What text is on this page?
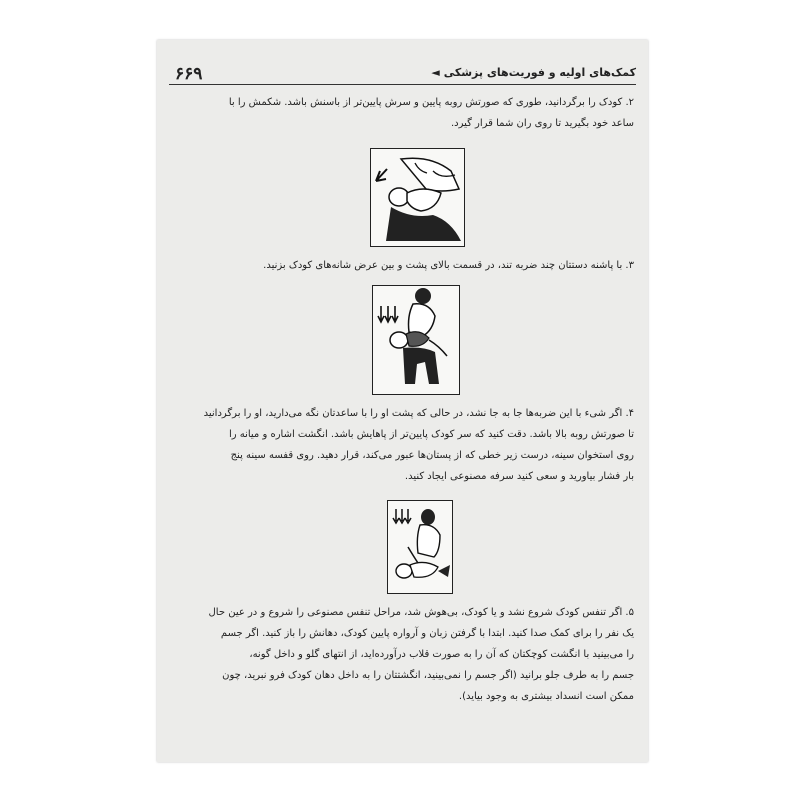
۶۶۹	کمک‌های اولیه و فوریت‌های پزشکی
◄

۲. کودک را برگردانید، طوری که صورتش روبه پایین و سرش پایین‌تر از باسنش باشد. شکمش را با

ساعد خود بگیرید تا روی ران شما قرار گیرد.

۳. با پاشنه دستتان چند ضربه تند، در قسمت بالای پشت و بین عرض شانه‌های کودک بزنید.

۴. اگر شیء با این ضربه‌ها جا به جا نشد، در حالی که پشت او را با ساعدتان نگه می‌دارید، او را برگردانید

تا صورتش روبه بالا باشد. دقت کنید که سر کودک پایین‌تر از پاهایش باشد. انگشت اشاره و میانه را

روی استخوان سینه، درست زیر خطی که از پستان‌ها عبور می‌کند، قرار دهید. روی قفسه سینه پنج

بار فشار بیاورید و سعی کنید سرفه مصنوعی ایجاد کنید.

۵. اگر تنفس کودک شروع نشد و یا کودک، بی‌هوش شد، مراحل تنفس مصنوعی را شروع و در عین حال

یک نفر را برای کمک صدا کنید. ابتدا با گرفتن زبان و آرواره پایین کودک، دهانش را باز کنید. اگر جسم

را می‌بینید با انگشت کوچکتان که آن را به صورت قلاب درآورده‌اید، از انتهای گلو و داخل گونه،

جسم را به طرف جلو برانید (اگر جسم را نمی‌بینید، انگشتتان را به داخل دهان کودک فرو نبرید، چون

ممکن است انسداد بیشتری به وجود بیاید).
